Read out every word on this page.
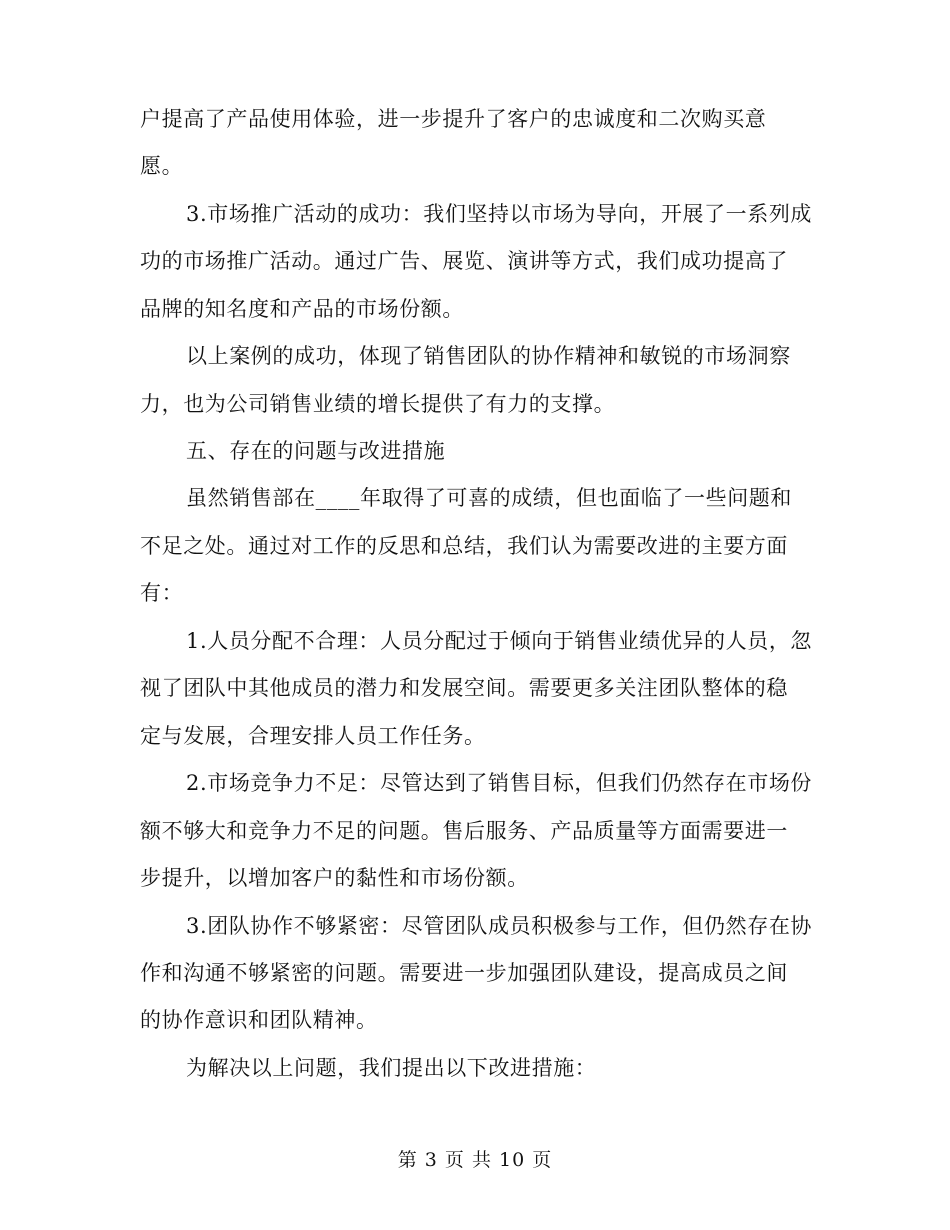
户提高了产品使用体验，进一步提升了客户的忠诚度和二次购买意
愿。
3.市场推广活动的成功：我们坚持以市场为导向，开展了一系列成
功的市场推广活动。通过广告、展览、演讲等方式，我们成功提高了
品牌的知名度和产品的市场份额。
以上案例的成功，体现了销售团队的协作精神和敏锐的市场洞察
力，也为公司销售业绩的增长提供了有力的支撑。
五、存在的问题与改进措施
虽然销售部在____年取得了可喜的成绩，但也面临了一些问题和
不足之处。通过对工作的反思和总结，我们认为需要改进的主要方面
有：
1.人员分配不合理：人员分配过于倾向于销售业绩优异的人员，忽
视了团队中其他成员的潜力和发展空间。需要更多关注团队整体的稳
定与发展，合理安排人员工作任务。
2.市场竞争力不足：尽管达到了销售目标，但我们仍然存在市场份
额不够大和竞争力不足的问题。售后服务、产品质量等方面需要进一
步提升，以增加客户的黏性和市场份额。
3.团队协作不够紧密：尽管团队成员积极参与工作，但仍然存在协
作和沟通不够紧密的问题。需要进一步加强团队建设，提高成员之间
的协作意识和团队精神。
为解决以上问题，我们提出以下改进措施：
第 3 页 共 10 页
